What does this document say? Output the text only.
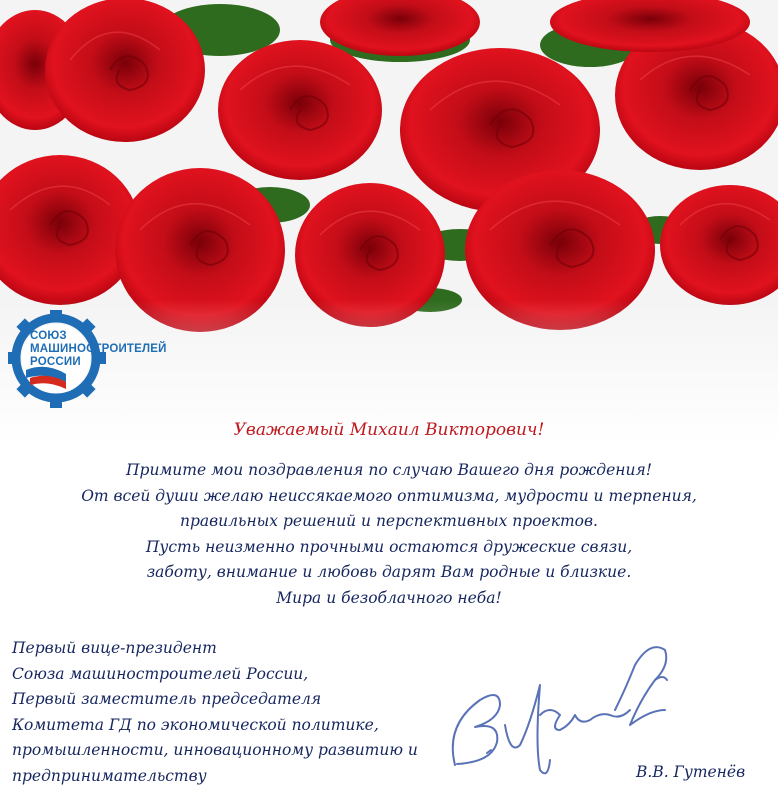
СОЮЗ
МАШИНОСТРОИТЕЛЕЙ
РОССИИ
Уважаемый Михаил Викторович!
Примите мои поздравления по случаю Вашего дня рождения!
От всей души желаю неиссякаемого оптимизма, мудрости и терпения,
правильных решений и перспективных проектов.
Пусть неизменно прочными остаются дружеские связи,
заботу, внимание и любовь дарят Вам родные и близкие.
Мира и безоблачного неба!
Первый вице-президент
Союза машиностроителей России,
Первый заместитель председателя
Комитета ГД по экономической политике,
промышленности, инновационному развитию и
предпринимательству	В.В. Гутенёв
